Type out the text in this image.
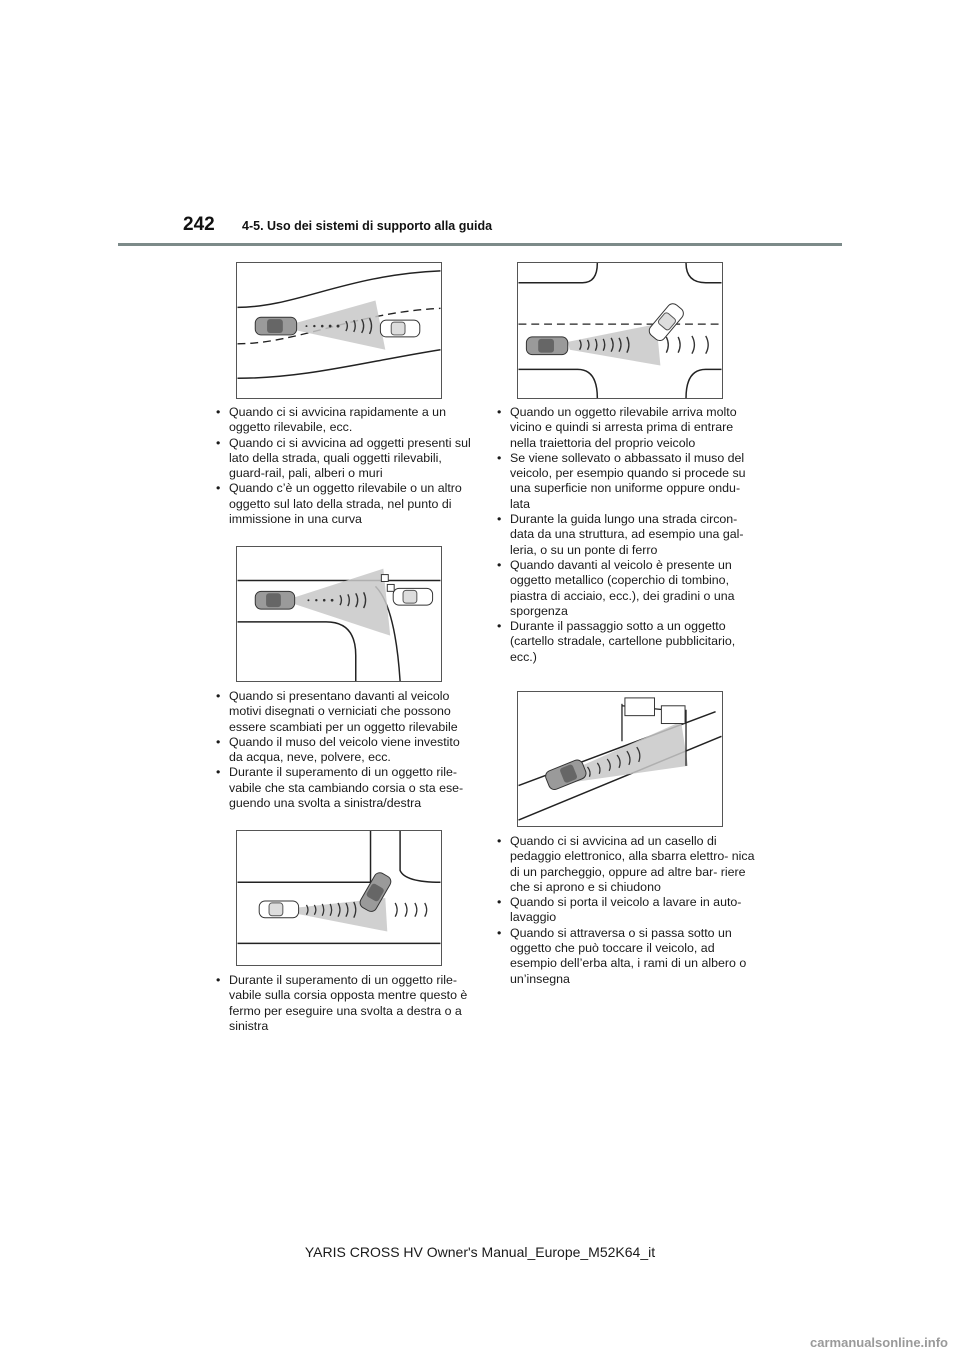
242 4-5. Uso dei sistemi di supporto alla guida
• Quando ci si avvicina rapidamente a un oggetto rilevabile, ecc.
• Quando ci si avvicina ad oggetti presenti sul lato della strada, quali oggetti rilevabili, guard-rail, pali, alberi o muri
• Quando c’è un oggetto rilevabile o un altro oggetto sul lato della strada, nel punto di immissione in una curva
• Quando si presentano davanti al veicolo motivi disegnati o verniciati che possono essere scambiati per un oggetto rilevabile
• Quando il muso del veicolo viene investito da acqua, neve, polvere, ecc.
• Durante il superamento di un oggetto rile- vabile che sta cambiando corsia o sta ese- guendo una svolta a sinistra/destra
• Durante il superamento di un oggetto rile- vabile sulla corsia opposta mentre questo è fermo per eseguire una svolta a destra o a sinistra
• Quando un oggetto rilevabile arriva molto vicino e quindi si arresta prima di entrare nella traiettoria del proprio veicolo
• Se viene sollevato o abbassato il muso del veicolo, per esempio quando si procede su una superficie non uniforme oppure ondu- lata
• Durante la guida lungo una strada circon- data da una struttura, ad esempio una gal- leria, o su un ponte di ferro
• Quando davanti al veicolo è presente un oggetto metallico (coperchio di tombino, piastra di acciaio, ecc.), dei gradini o una sporgenza
• Durante il passaggio sotto a un oggetto (cartello stradale, cartellone pubblicitario, ecc.)
• Quando ci si avvicina ad un casello di pedaggio elettronico, alla sbarra elettro- nica di un parcheggio, oppure ad altre bar- riere che si aprono e si chiudono
• Quando si porta il veicolo a lavare in auto- lavaggio
• Quando si attraversa o si passa sotto un oggetto che può toccare il veicolo, ad esempio dell’erba alta, i rami di un albero o un’insegna
YARIS CROSS HV Owner's Manual_Europe_M52K64_it
carmanualsonline.info
